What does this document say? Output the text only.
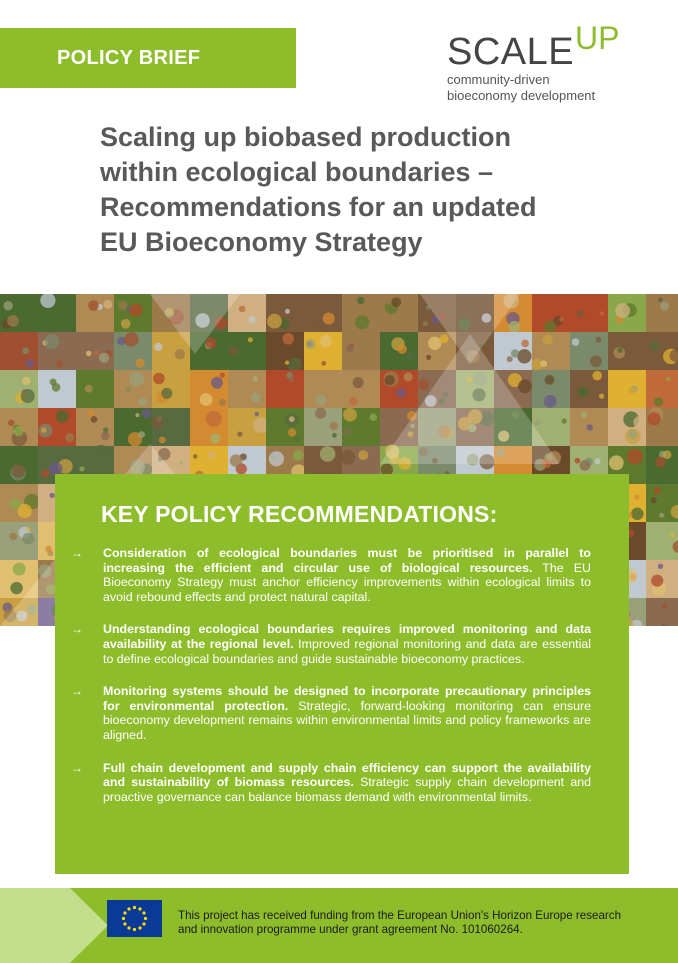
POLICY BRIEF	SCALE UP
community-driven
bioeconomy development
Scaling up biobased production
within ecological boundaries –
Recommendations for an updated
EU Bioeconomy Strategy
KEY POLICY RECOMMENDATIONS:
→	Consideration of ecological boundaries must be prioritised in parallel to increasing the efficient and circular use of biological resources. The EU Bioeconomy Strategy must anchor efficiency improvements within ecological limits to avoid rebound effects and protect natural capital.
→	Understanding ecological boundaries requires improved monitoring and data availability at the regional level. Improved regional monitoring and data are essential to define ecological boundaries and guide sustainable bioeconomy practices.
→	Monitoring systems should be designed to incorporate precautionary principles for environmental protection. Strategic, forward-looking monitoring can ensure bioeconomy development remains within environmental limits and policy frameworks are aligned.
→	Full chain development and supply chain efficiency can support the availability and sustainability of biomass resources. Strategic supply chain development and proactive governance can balance biomass demand with environmental limits.
This project has received funding from the European Union's Horizon Europe research and innovation programme under grant agreement No. 101060264.
